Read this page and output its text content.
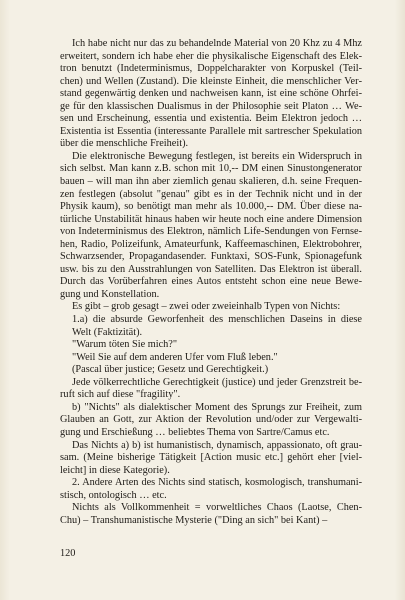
Ich habe nicht nur das zu behandelnde Material von 20 Khz zu 4 Mhz erweitert, sondern ich habe eher die physikalische Eigenschaft des Elektron benutzt (Indeterminismus, Doppelcharakter von Korpuskel (Teilchen) und Wellen (Zustand). Die kleinste Einheit, die menschlicher Verstand gegenwärtig denken und nachweisen kann, ist eine schöne Ohrfeige für den klassischen Dualismus in der Philosophie seit Platon … Wesen und Erscheinung, essentia und existentia. Beim Elektron jedoch … Existentia ist Essentia (interessante Parallele mit sartrescher Spekulation über die menschliche Freiheit).

Die elektronische Bewegung festlegen, ist bereits ein Widerspruch in sich selbst. Man kann z.B. schon mit 10,-- DM einen Sinustongenerator bauen – will man ihn aber ziemlich genau skalieren, d.h. seine Frequenzen festlegen (absolut "genau" gibt es in der Technik nicht und in der Physik kaum), so benötigt man mehr als 10.000,-- DM. Über diese natürliche Unstabilität hinaus haben wir heute noch eine andere Dimension von Indeterminismus des Elektron, nämlich Life-Sendungen von Fernsehen, Radio, Polizeifunk, Amateurfunk, Kaffeemaschinen, Elektrobohrer, Schwarzsender, Propagandasender. Funktaxi, SOS-Funk, Spionagefunk usw. bis zu den Ausstrahlungen von Satelliten. Das Elektron ist überall. Durch das Vorüberfahren eines Autos entsteht schon eine neue Bewegung und Konstellation.

Es gibt – grob gesagt – zwei oder zweieinhalb Typen von Nichts:

1.a) die absurde Geworfenheit des menschlichen Daseins in diese Welt (Faktizität).

"Warum töten Sie mich?"

"Weil Sie auf dem anderen Ufer vom Fluß leben."

(Pascal über justice; Gesetz und Gerechtigkeit.)

Jede völkerrechtliche Gerechtigkeit (justice) und jeder Grenzstreit beruft sich auf diese "fragility".

b) "Nichts" als dialektischer Moment des Sprungs zur Freiheit, zum Glauben an Gott, zur Aktion der Revolution und/oder zur Vergewaltigung und Erschießung … beliebtes Thema von Sartre/Camus etc.

Das Nichts a) b) ist humanistisch, dynamisch, appassionato, oft grausam. (Meine bisherige Tätigkeit [Action music etc.] gehört eher [vielleicht] in diese Kategorie).

2. Andere Arten des Nichts sind statisch, kosmologisch, transhumanistisch, ontologisch … etc.

Nichts als Vollkommenheit = vorweltliches Chaos (Laotse, Chen-Chu) – Transhumanistische Mysterie ("Ding an sich" bei Kant) –

120
